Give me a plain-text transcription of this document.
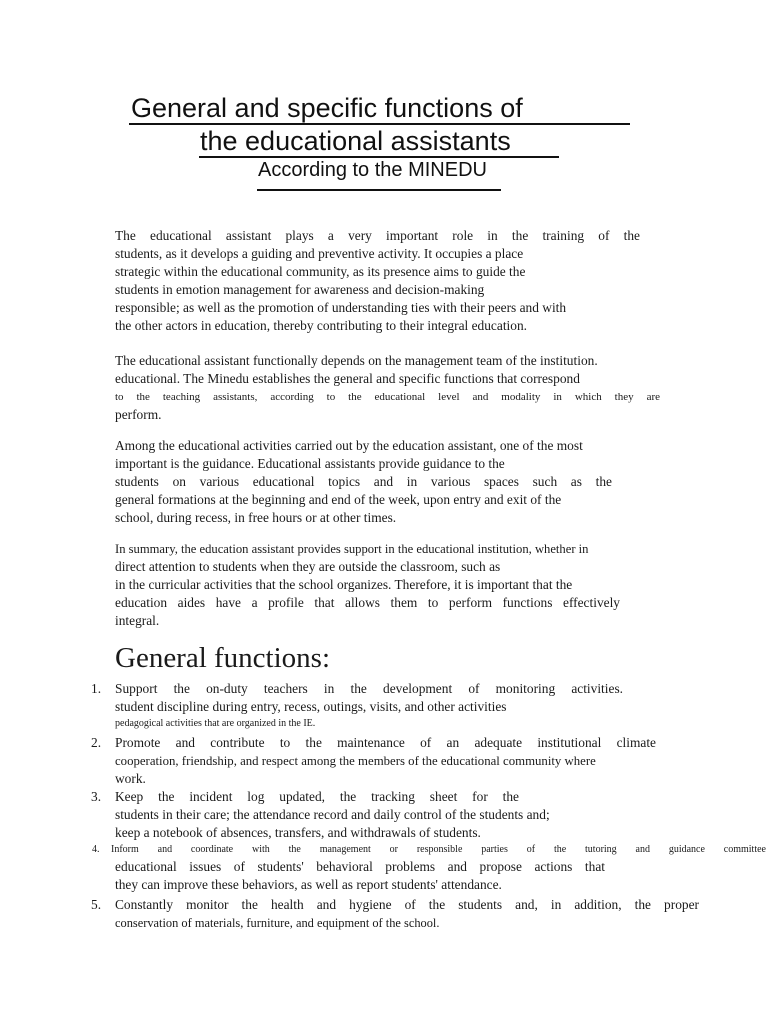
General and specific functions of
the educational assistants
According to the MINEDU
The educational assistant plays a very important role in the training of the
students, as it develops a guiding and preventive activity. It occupies a place
strategic within the educational community, as its presence aims to guide the
students in emotion management for awareness and decision-making
responsible; as well as the promotion of understanding ties with their peers and with
the other actors in education, thereby contributing to their integral education.
The educational assistant functionally depends on the management team of the institution.
educational. The Minedu establishes the general and specific functions that correspond
to the teaching assistants, according to the educational level and modality in which they are
perform.
Among the educational activities carried out by the education assistant, one of the most
important is the guidance. Educational assistants provide guidance to the
students on various educational topics and in various spaces such as the
general formations at the beginning and end of the week, upon entry and exit of the
school, during recess, in free hours or at other times.
In summary, the education assistant provides support in the educational institution, whether in
direct attention to students when they are outside the classroom, such as
in the curricular activities that the school organizes. Therefore, it is important that the
education aides have a profile that allows them to perform functions effectively
integral.
General functions:
1.	Support the on-duty teachers in the development of monitoring activities.
student discipline during entry, recess, outings, visits, and other activities
pedagogical activities that are organized in the IE.
2.	Promote and contribute to the maintenance of an adequate institutional climate
cooperation, friendship, and respect among the members of the educational community where
work.
3.	Keep the incident log updated, the tracking sheet for the
students in their care; the attendance record and daily control of the students and;
keep a notebook of absences, transfers, and withdrawals of students.
4.	Inform and coordinate with the management or responsible parties of the tutoring and guidance committee
educational issues of students' behavioral problems and propose actions that
they can improve these behaviors, as well as report students' attendance.
5.	Constantly monitor the health and hygiene of the students and, in addition, the proper
conservation of materials, furniture, and equipment of the school.
